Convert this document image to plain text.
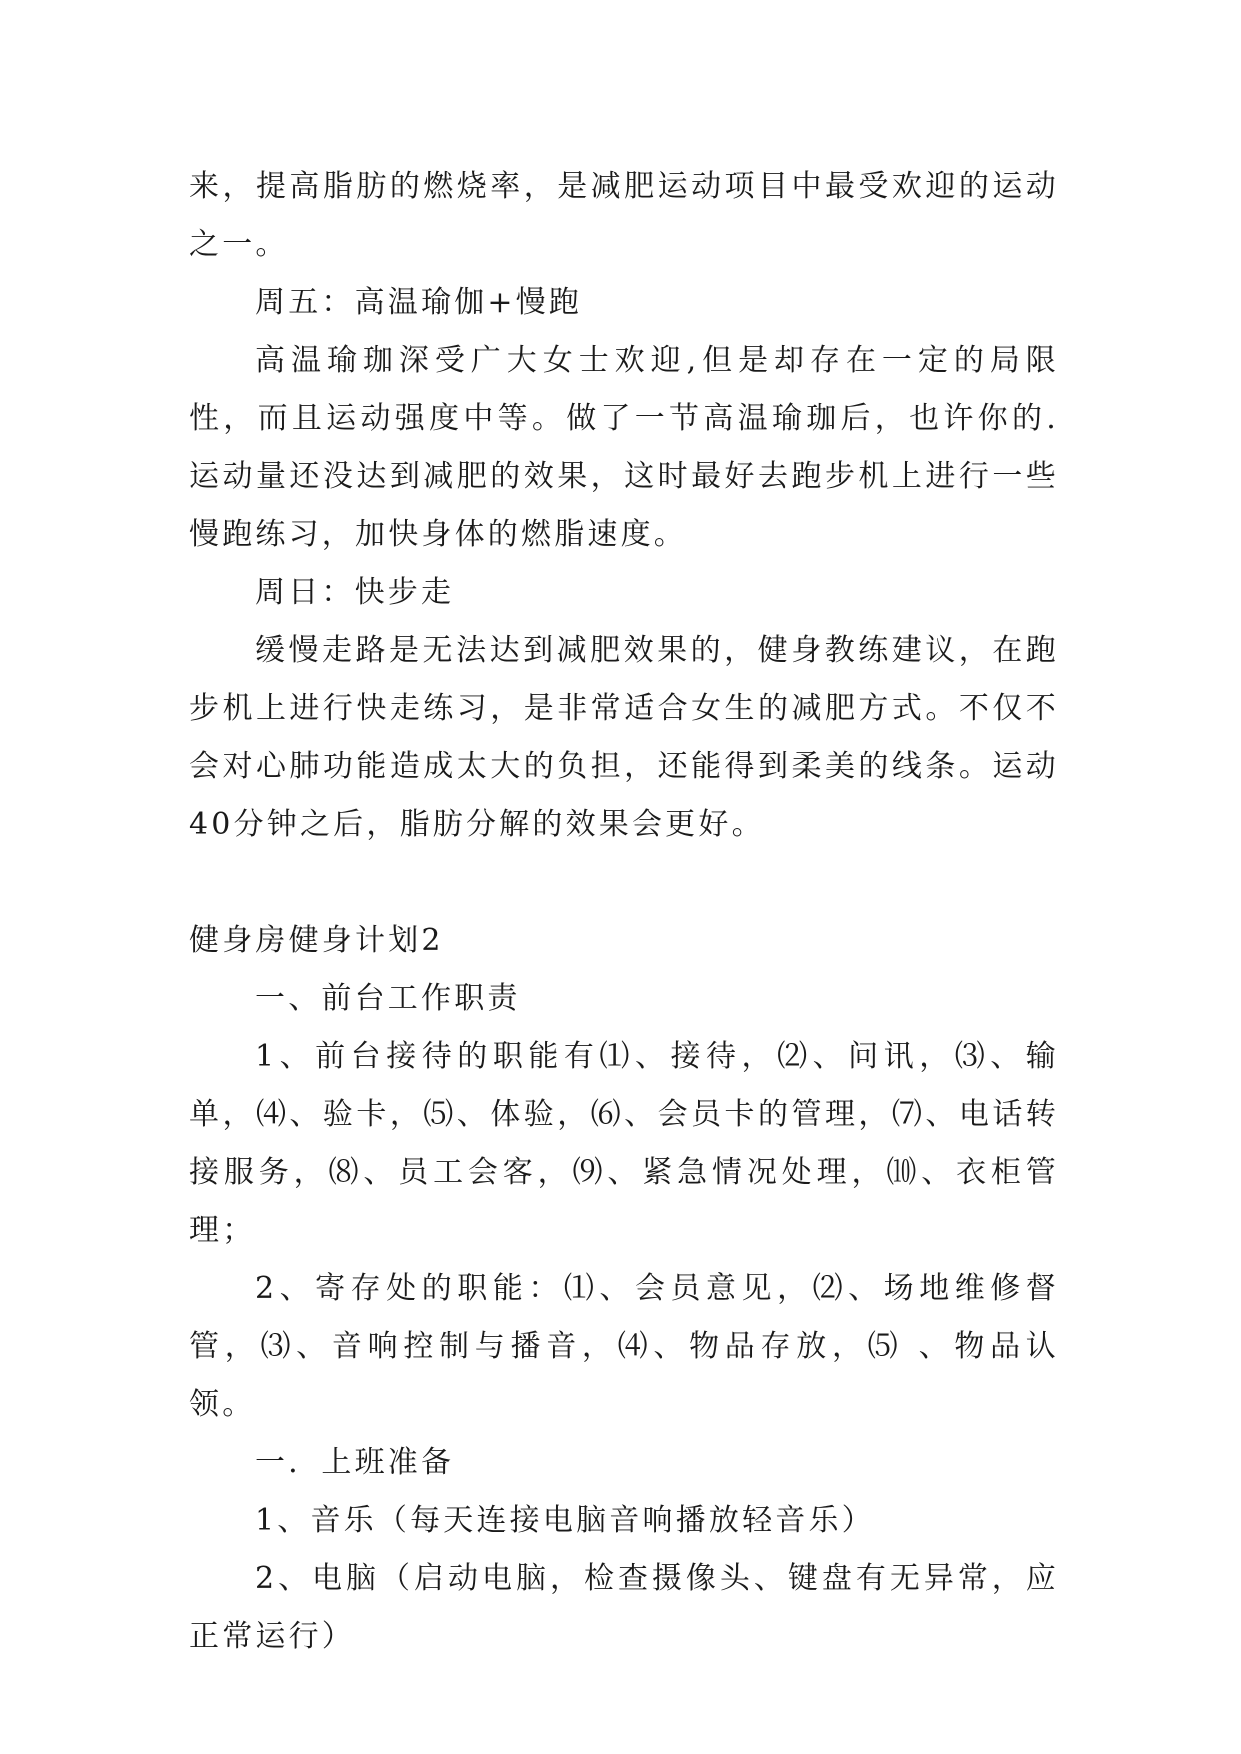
来，提高脂肪的燃烧率，是减肥运动项目中最受欢迎的运动之一。

周五：高温瑜伽+慢跑

高温瑜珈深受广大女士欢迎,但是却存在一定的局限性，而且运动强度中等。做了一节高温瑜珈后，也许你的.运动量还没达到减肥的效果，这时最好去跑步机上进行一些慢跑练习，加快身体的燃脂速度。

周日：快步走

缓慢走路是无法达到减肥效果的，健身教练建议，在跑步机上进行快走练习，是非常适合女生的减肥方式。不仅不会对心肺功能造成太大的负担，还能得到柔美的线条。运动40分钟之后，脂肪分解的效果会更好。

健身房健身计划2

一、前台工作职责

1、前台接待的职能有⑴、接待，⑵、问讯，⑶、输单，⑷、验卡，⑸、体验，⑹、会员卡的管理，⑺、电话转接服务，⑻、员工会客，⑼、紧急情况处理，⑽、衣柜管理；

2、寄存处的职能：⑴、会员意见，⑵、场地维修督管，⑶、音响控制与播音，⑷、物品存放，⑸ 、物品认领。

一．上班准备

1、音乐（每天连接电脑音响播放轻音乐）

2、电脑（启动电脑，检查摄像头、键盘有无异常，应正常运行）
